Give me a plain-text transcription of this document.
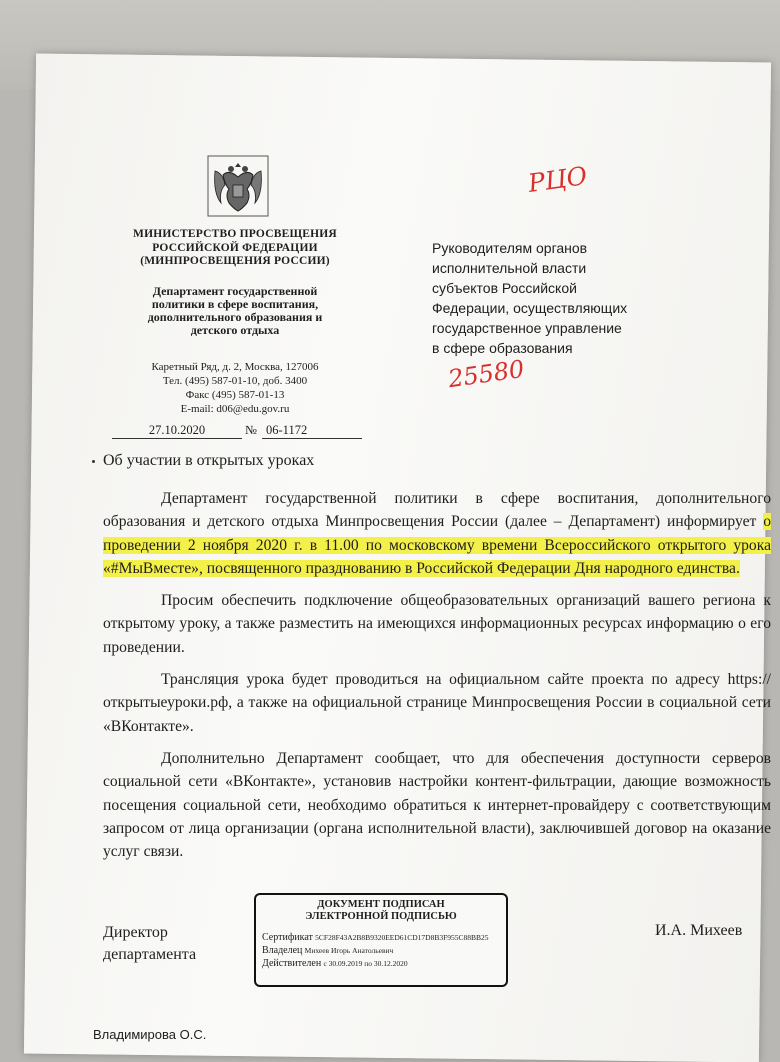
МИНИСТЕРСТВО ПРОСВЕЩЕНИЯ
РОССИЙСКОЙ ФЕДЕРАЦИИ
(МИНПРОСВЕЩЕНИЯ РОССИИ)
Департамент государственной
политики в сфере воспитания,
дополнительного образования и
детского отдыха
Каретный Ряд, д. 2, Москва, 127006
Тел. (495) 587-01-10, доб. 3400
Факс (495) 587-01-13
E-mail: d06@edu.gov.ru
27.10.2020	№ 06-1172
Руководителям органов
исполнительной власти
субъектов Российской
Федерации, осуществляющих
государственное управление
в сфере образования
РЦО
25580
Об участии в открытых уроках

Департамент государственной политики в сфере воспитания, дополнительного образования и детского отдыха Минпросвещения России (далее – Департамент) информирует о проведении 2 ноября 2020 г. в 11.00 по московскому времени Всероссийского открытого урока «#МыВместе», посвященного празднованию в Российской Федерации Дня народного единства.

Просим обеспечить подключение общеобразовательных организаций вашего региона к открытому уроку, а также разместить на имеющихся информационных ресурсах информацию о его проведении.

Трансляция урока будет проводиться на официальном сайте проекта по адресу https://открытыеуроки.рф, а также на официальной странице Минпросвещения России в социальной сети «ВКонтакте».

Дополнительно Департамент сообщает, что для обеспечения доступности серверов социальной сети «ВКонтакте», установив настройки контент-фильтрации, дающие возможность посещения социальной сети, необходимо обратиться к интернет-провайдеру с соответствующим запросом от лица организации (органа исполнительной власти), заключившей договор на оказание услуг связи.

Директор
департамента
ДОКУМЕНТ ПОДПИСАН
ЭЛЕКТРОННОЙ ПОДПИСЬЮ
Сертификат 5CF28F43A2B8B9320EED61CD17D8B3F955C88BB25
Владелец Михеев Игорь Анатольевич
Действителен с 30.09.2019 по 30.12.2020
И.А. Михеев
Владимирова О.С.
